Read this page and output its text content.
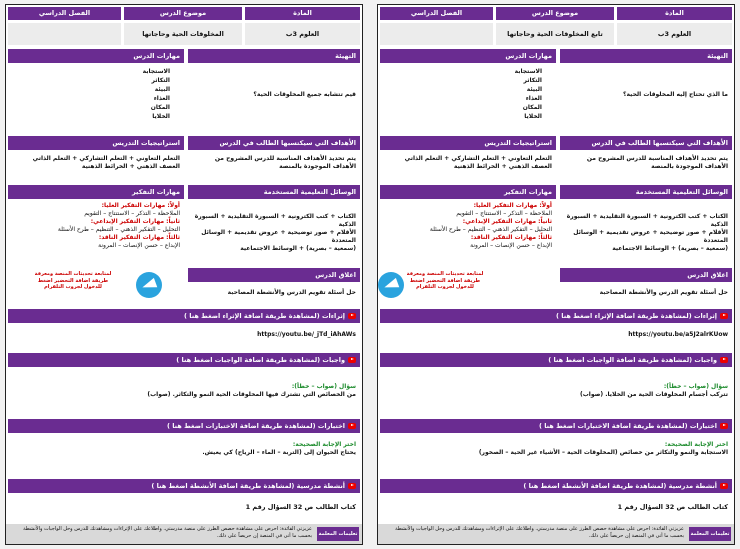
المادة
موضوع الدرس
الفصل الدراسي
العلوم 3ب
تابع المخلوقات الحية وحاجاتها
التهيئة
ما الذي تحتاج إليه المخلوقات الحية؟
مهارات الدرس
الاستجابة
التكاثر
البيئة
الغذاء
المكان
الخلايا
الأهداف التي سيكتسبها الطالب في الدرس
يتم تحديد الأهداف المناسبة للدرس المشروح من الأهداف الموجودة بالمنصة
استراتيجيات التدريس
التعلم التعاوني + التعلم التشاركي + التعلم الذاتي
العصف الذهني + الخرائط الذهنية
الوسائل التعليمية المستخدمة
الكتاب + كتب الكترونية + السبورة التقليدية + السبورة الذكية
الأقلام + صور توضيحية + عروض تقديمية + الوسائل المتعددة
(سمعية – بصرية) + الوسائط الاجتماعية
مهارات التفكير
أولاً: مهارات التفكير العليا:
الملاحظة – التذكر – الاستنتاج – التقويم
ثانياً: مهارات التفكير الإبداعي:
التحليل – التفكير الذهني – التنظيم – طرح الأسئلة
ثالثاً: مهارات التفكير الناقد:
الإبداع – حسن الإنصات – المرونة
اغلاق الدرس
حل أسئلة تقويم الدرس والأنشطة المصاحبة
لمتابعة تحديثات المنصة ومعرفة طريقة اضافة التحضير اضغط للدخول لجروب التلقرام
إثراءات (لمشاهدة طريقة اضافة الإثراء اضغط هنا )
https://youtu.be/a5J2alrKUow
واجبات (لمشاهدة طريقة اضافة الواجبات اضغط هنا )
سؤال (صواب – خطأ):
تتركب أجسام المخلوقات الحية من الخلايا. (صواب)
اختبارات (لمشاهدة طريقة اضافة الاختبارات اضغط هنا )
اختر الإجابة الصحيحة:
الاستجابة والنمو والتكاثر من خصائص (المخلوقات الحية – الأشياء غير الحية – الصخور)
أنشطة مدرسية (لمشاهدة طريقة اضافة الأنشطة اضغط هنا )
كتاب الطالب ص 32 السؤال رقم 1
تعليمات المعلمة
عزيزتي القائدة: احرص على مشاهدة حصص الطرز على منصة مدرستي. واطلاعك على الإثراءات ومشاهدتك للدرس وحل الواجبات والأنشطة بحسب ما أتى في المنصة إن حريصاً على ذلك.
المادة
موضوع الدرس
الفصل الدراسي
العلوم 3ب
المخلوقات الحية وحاجاتها
التهيئة
قيم تتشابه جميع المخلوقات الحية؟
مهارات الدرس
الاستجابة
التكاثر
البيئة
الغذاء
المكان
الخلايا
الأهداف التي سيكتسبها الطالب في الدرس
يتم تحديد الأهداف المناسبة للدرس المشروح من الأهداف الموجودة بالمنصة
استراتيجيات التدريس
التعلم التعاوني + التعلم التشاركي + التعلم الذاتي
العصف الذهني + الخرائط الذهنية
الوسائل التعليمية المستخدمة
الكتاب + كتب الكترونية + السبورة التقليدية + السبورة الذكية
الأقلام + صور توضيحية + عروض تقديمية + الوسائل المتعددة
(سمعية – بصرية) + الوسائط الاجتماعية
مهارات التفكير
أولاً: مهارات التفكير العليا:
الملاحظة – التذكر – الاستنتاج – التقويم
ثانياً: مهارات التفكير الإبداعي:
التحليل – التفكير الذهني – التنظيم – طرح الأسئلة
ثالثاً: مهارات التفكير الناقد:
الإبداع – حسن الإنصات – المرونة
اغلاق الدرس
حل أسئلة تقويم الدرس والأنشطة المصاحبة
لمتابعة تحديثات المنصة ومعرفة طريقة اضافة التحضير اضغط للدخول لجروب التلقرام
إثراءات (لمشاهدة طريقة اضافة الإثراء اضغط هنا )
https://youtu.be/_jTd_iAhAWs
واجبات (لمشاهدة طريقة اضافة الواجبات اضغط هنا )
سؤال (صواب – خطأ):
من الخصائص التي تشترك فيها المخلوقات الحية النمو والتكاثر. (صواب)
اختبارات (لمشاهدة طريقة اضافة الاختبارات اضغط هنا )
اختر الإجابة الصحيحة:
يحتاج الحيوان إلى (التربة – الماء – الرياح) كي يعيش.
أنشطة مدرسية (لمشاهدة طريقة اضافة الأنشطة اضغط هنا )
كتاب الطالب ص 32 السؤال رقم 1
تعليمات المعلمة
عزيزتي القائدة: احرص على مشاهدة حصص الطرز على منصة مدرستي. واطلاعك على الإثراءات ومشاهدتك للدرس وحل الواجبات والأنشطة بحسب ما أتى في المنصة إن حريصاً على ذلك.
